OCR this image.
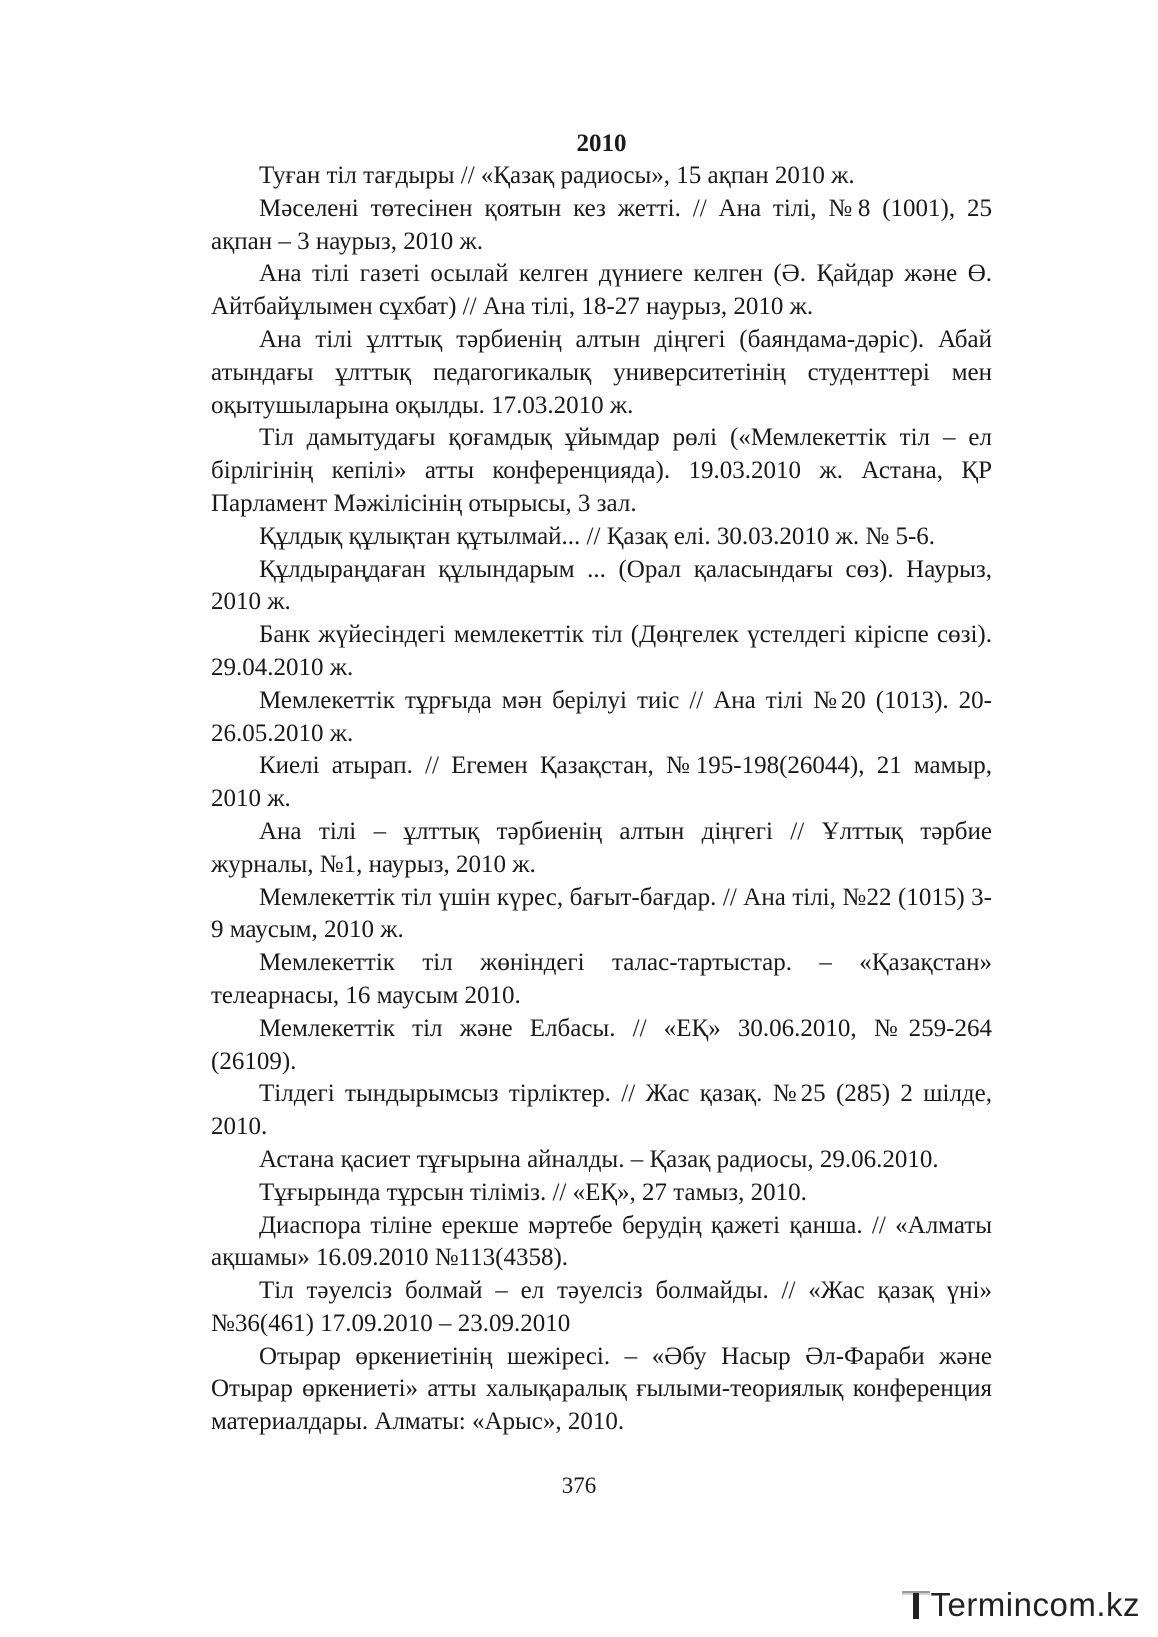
2010

Туған тіл тағдыры // «Қазақ радиосы», 15 ақпан 2010 ж.

Мәселені төтесінен қоятын кез жетті. // Ана тілі, №8 (1001), 25 ақпан – 3 наурыз, 2010 ж.

Ана тілі газеті осылай келген дүниеге келген (Ә. Қайдар және Ө. Айтбайұлымен сұхбат) // Ана тілі, 18-27 наурыз, 2010 ж.

Ана тілі ұлттық тәрбиенің алтын діңгегі (баяндама-дәріс). Абай атындағы ұлттық педагогикалық университетінің студенттері мен оқытушыларына оқылды. 17.03.2010 ж.

Тіл дамытудағы қоғамдық ұйымдар рөлі («Мемлекеттік тіл – ел бірлігінің кепілі» атты конференцияда). 19.03.2010 ж. Астана, ҚР Парламент Мәжілісінің отырысы, 3 зал.

Құлдық құлықтан құтылмай... // Қазақ елі. 30.03.2010 ж. № 5-6.

Құлдыраңдаған құлындарым ... (Орал қаласындағы сөз). Наурыз, 2010 ж.

Банк жүйесіндегі мемлекеттік тіл (Дөңгелек үстелдегі кіріспе сөзі). 29.04.2010 ж.

Мемлекеттік тұрғыда мән берілуі тиіс // Ана тілі №20 (1013). 20-26.05.2010 ж.

Киелі атырап. // Егемен Қазақстан, №195-198(26044), 21 мамыр, 2010 ж.

Ана тілі – ұлттық тәрбиенің алтын діңгегі // Ұлттық тәрбие журналы, №1, наурыз, 2010 ж.

Мемлекеттік тіл үшін күрес, бағыт-бағдар. // Ана тілі, №22 (1015) 3-9 маусым, 2010 ж.

Мемлекеттік тіл жөніндегі талас-тартыстар. – «Қазақстан» телеарнасы, 16 маусым 2010.

Мемлекеттік тіл және Елбасы. // «ЕҚ» 30.06.2010, №259-264 (26109).

Тілдегі тындырымсыз тірліктер. // Жас қазақ. №25 (285) 2 шілде, 2010.

Астана қасиет тұғырына айналды. – Қазақ радиосы, 29.06.2010.

Тұғырында тұрсын тіліміз. // «ЕҚ», 27 тамыз, 2010.

Диаспора тіліне ерекше мәртебе берудің қажеті қанша. // «Алматы ақшамы» 16.09.2010 №113(4358).

Тіл тәуелсіз болмай – ел тәуелсіз болмайды. // «Жас қазақ үні» №36(461) 17.09.2010 – 23.09.2010

Отырар өркениетінің шежіресі. – «Әбу Насыр Әл-Фараби және Отырар өркениеті» атты халықаралық ғылыми-теориялық конференция материалдары. Алматы: «Арыс», 2010.

376
Termincom.kz
